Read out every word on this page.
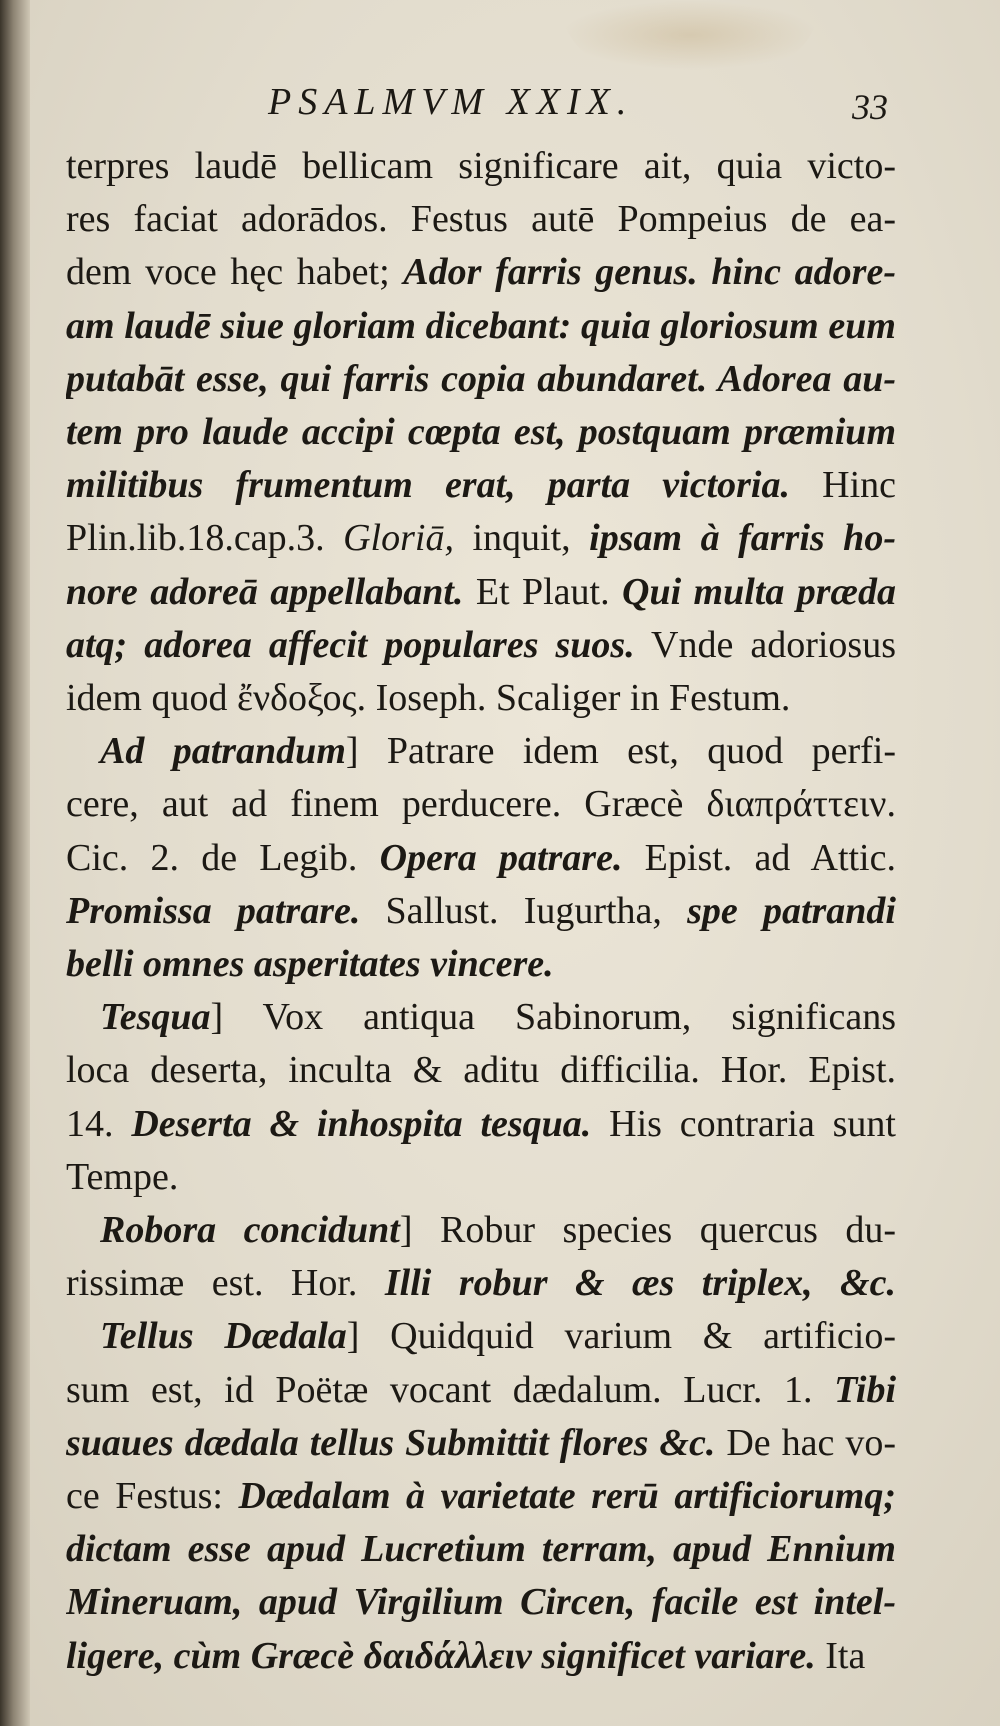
PSALMVM XXIX.	33
terpres laudē bellicam significare ait, quia victo-
res faciat adorādos. Festus autē Pompeius de ea-
dem voce hęc habet; Ador farris genus. hinc adore-
am laudē siue gloriam dicebant: quia gloriosum eum
putabāt esse, qui farris copia abundaret. Adorea au-
tem pro laude accipi cœpta est, postquam præmium
militibus frumentum erat, parta victoria. Hinc
Plin.lib.18.cap.3. Gloriā, inquit, ipsam à farris ho-
nore adoreā appellabant. Et Plaut. Qui multa præda
atq; adorea affecit populares suos. Vnde adoriosus
idem quod ἔνδοξος. Ioseph. Scaliger in Festum.
Ad patrandum] Patrare idem est, quod perfi-
cere, aut ad finem perducere. Græcè διαπράττειν.
Cic. 2. de Legib. Opera patrare. Epist. ad Attic.
Promissa patrare. Sallust. Iugurtha, spe patrandi
belli omnes asperitates vincere.
Tesqua] Vox antiqua Sabinorum, significans
loca deserta, inculta & aditu difficilia. Hor. Epist.
14. Deserta & inhospita tesqua. His contraria sunt
Tempe.
Robora concidunt] Robur species quercus du-
rissimæ est. Hor. Illi robur & æs triplex, &c.
Tellus Dædala] Quidquid varium & artificio-
sum est, id Poëtæ vocant dædalum. Lucr. 1. Tibi
suaues dædala tellus Submittit flores &c. De hac vo-
ce Festus: Dædalam à varietate rerū artificiorumq;
dictam esse apud Lucretium terram, apud Ennium
Mineruam, apud Virgilium Circen, facile est intel-
ligere, cùm Græcè δαιδάλλειν significet variare. Ita
